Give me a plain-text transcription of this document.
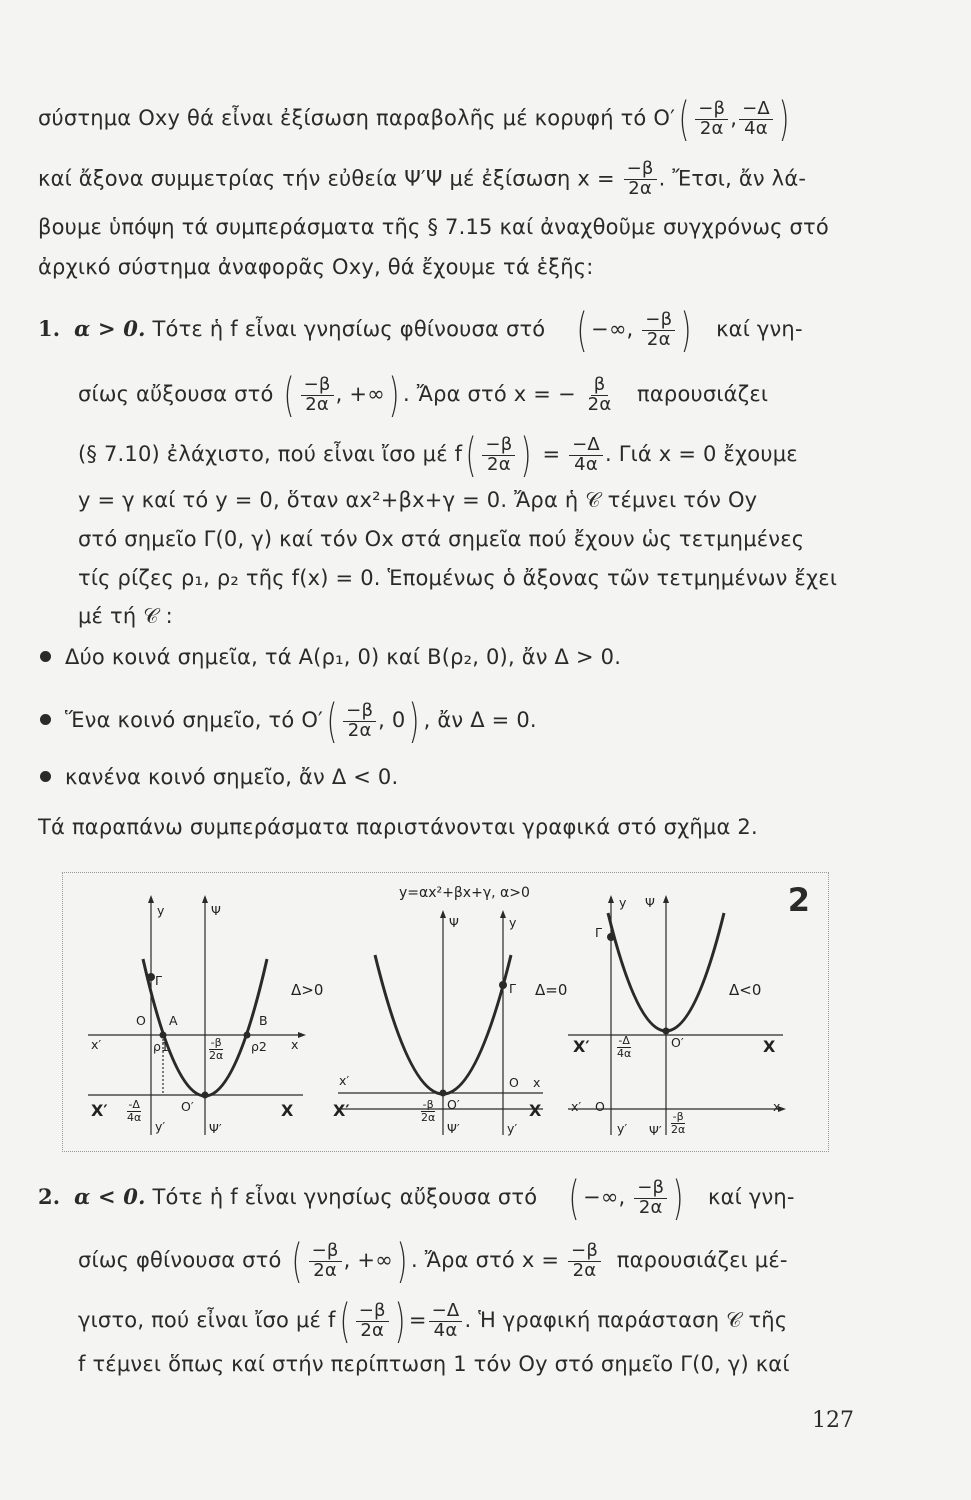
σύστημα Oxy θά εἶναι ἐξίσωση παραβολῆς μέ κορυφή τό $O'( \frac{-\beta}{2\alpha}$ , $\frac{-\Delta}{4\alpha}$ )
καί ἄξονα συμμετρίας τήν εὐθεία Ψ′Ψ μέ ἐξίσωση $x = \frac{-\beta}{2\alpha}$ . Ἔτσι, ἄν λά-
βουμε ὑπόψη τά συμπεράσματα τῆς § 7.15 καί ἀναχθοῦμε συγχρόνως στό
ἀρχικό σύστημα ἀναφορᾶς Oxy, θά ἔχουμε τά ἑξῆς:
1. α > 0. Τότε ἡ f εἶναι γνησίως φθίνουσα στό ( −∞, $\frac{-\beta}{2\alpha}$ ) καί γνη-
σίως αὔξουσα στό ( $\frac{-\beta}{2\alpha}$ , +∞) . Ἄρα στό x = − $\frac{\beta}{2\alpha}$ παρουσιάζει
(§ 7.10) ἐλάχιστο, πού εἶναι ἴσο μέ $f( \frac{-\beta}{2\alpha}$ ) = $\frac{-\Delta}{4\alpha}$ . Γιά x = 0 ἔχουμε
y = γ καί τό y = 0, ὅταν αx²+βx+γ = 0. Ἄρα ἡ 𝒞 τέμνει τόν Oy
στό σημεῖο Γ(0, γ) καί τόν Ox στά σημεῖα πού ἔχουν ὡς τετμημένες
τίς ρίζες ρ₁, ρ₂ τῆς f(x) = 0. Ἑπομένως ὁ ἄξονας τῶν τετμημένων ἔχει
μέ τή 𝒞 :
Δύο κοινά σημεῖα, τά A(ρ₁, 0) καί B(ρ₂, 0), ἄν Δ > 0.
Ἕνα κοινό σημεῖο, τό $O'( \frac{-\beta}{2\alpha}$ , 0) , ἄν Δ = 0.
κανένα κοινό σημεῖο, ἄν Δ < 0.
Τά παραπάνω συμπεράσματα παριστάνονται γραφικά στό σχῆμα 2.
y=αx²+βx+γ, α>0	2
y	Ψ
Γ
Δ>0
O A	B
x′	x
ρ1	ρ2
-β
2α
X′	X
-Δ
4α
O′
y′	Ψ′
Ψ	y
Γ Δ=0
x′	O x
X′	X
-β
2α
O′
Ψ′	y′
y Ψ
Γ
Δ<0
X′	X
-Δ
4α
O′
x′ O	x
-β
2α
y′ Ψ′
2. α < 0. Τότε ἡ f εἶναι γνησίως αὔξουσα στό ( −∞, $\frac{-\beta}{2\alpha}$ ) καί γνη-
σίως φθίνουσα στό ( $\frac{-\beta}{2\alpha}$ , +∞) . Ἄρα στό $x = \frac{-\beta}{2\alpha}$ παρουσιάζει μέ-
γιστο, πού εἶναι ἴσο μέ $f( \frac{-\beta}{2\alpha}$ ) = $\frac{-\Delta}{4\alpha}$ . Ἡ γραφική παράσταση 𝒞 τῆς
f τέμνει ὅπως καί στήν περίπτωση 1 τόν Oy στό σημεῖο Γ(0, γ) καί
127
